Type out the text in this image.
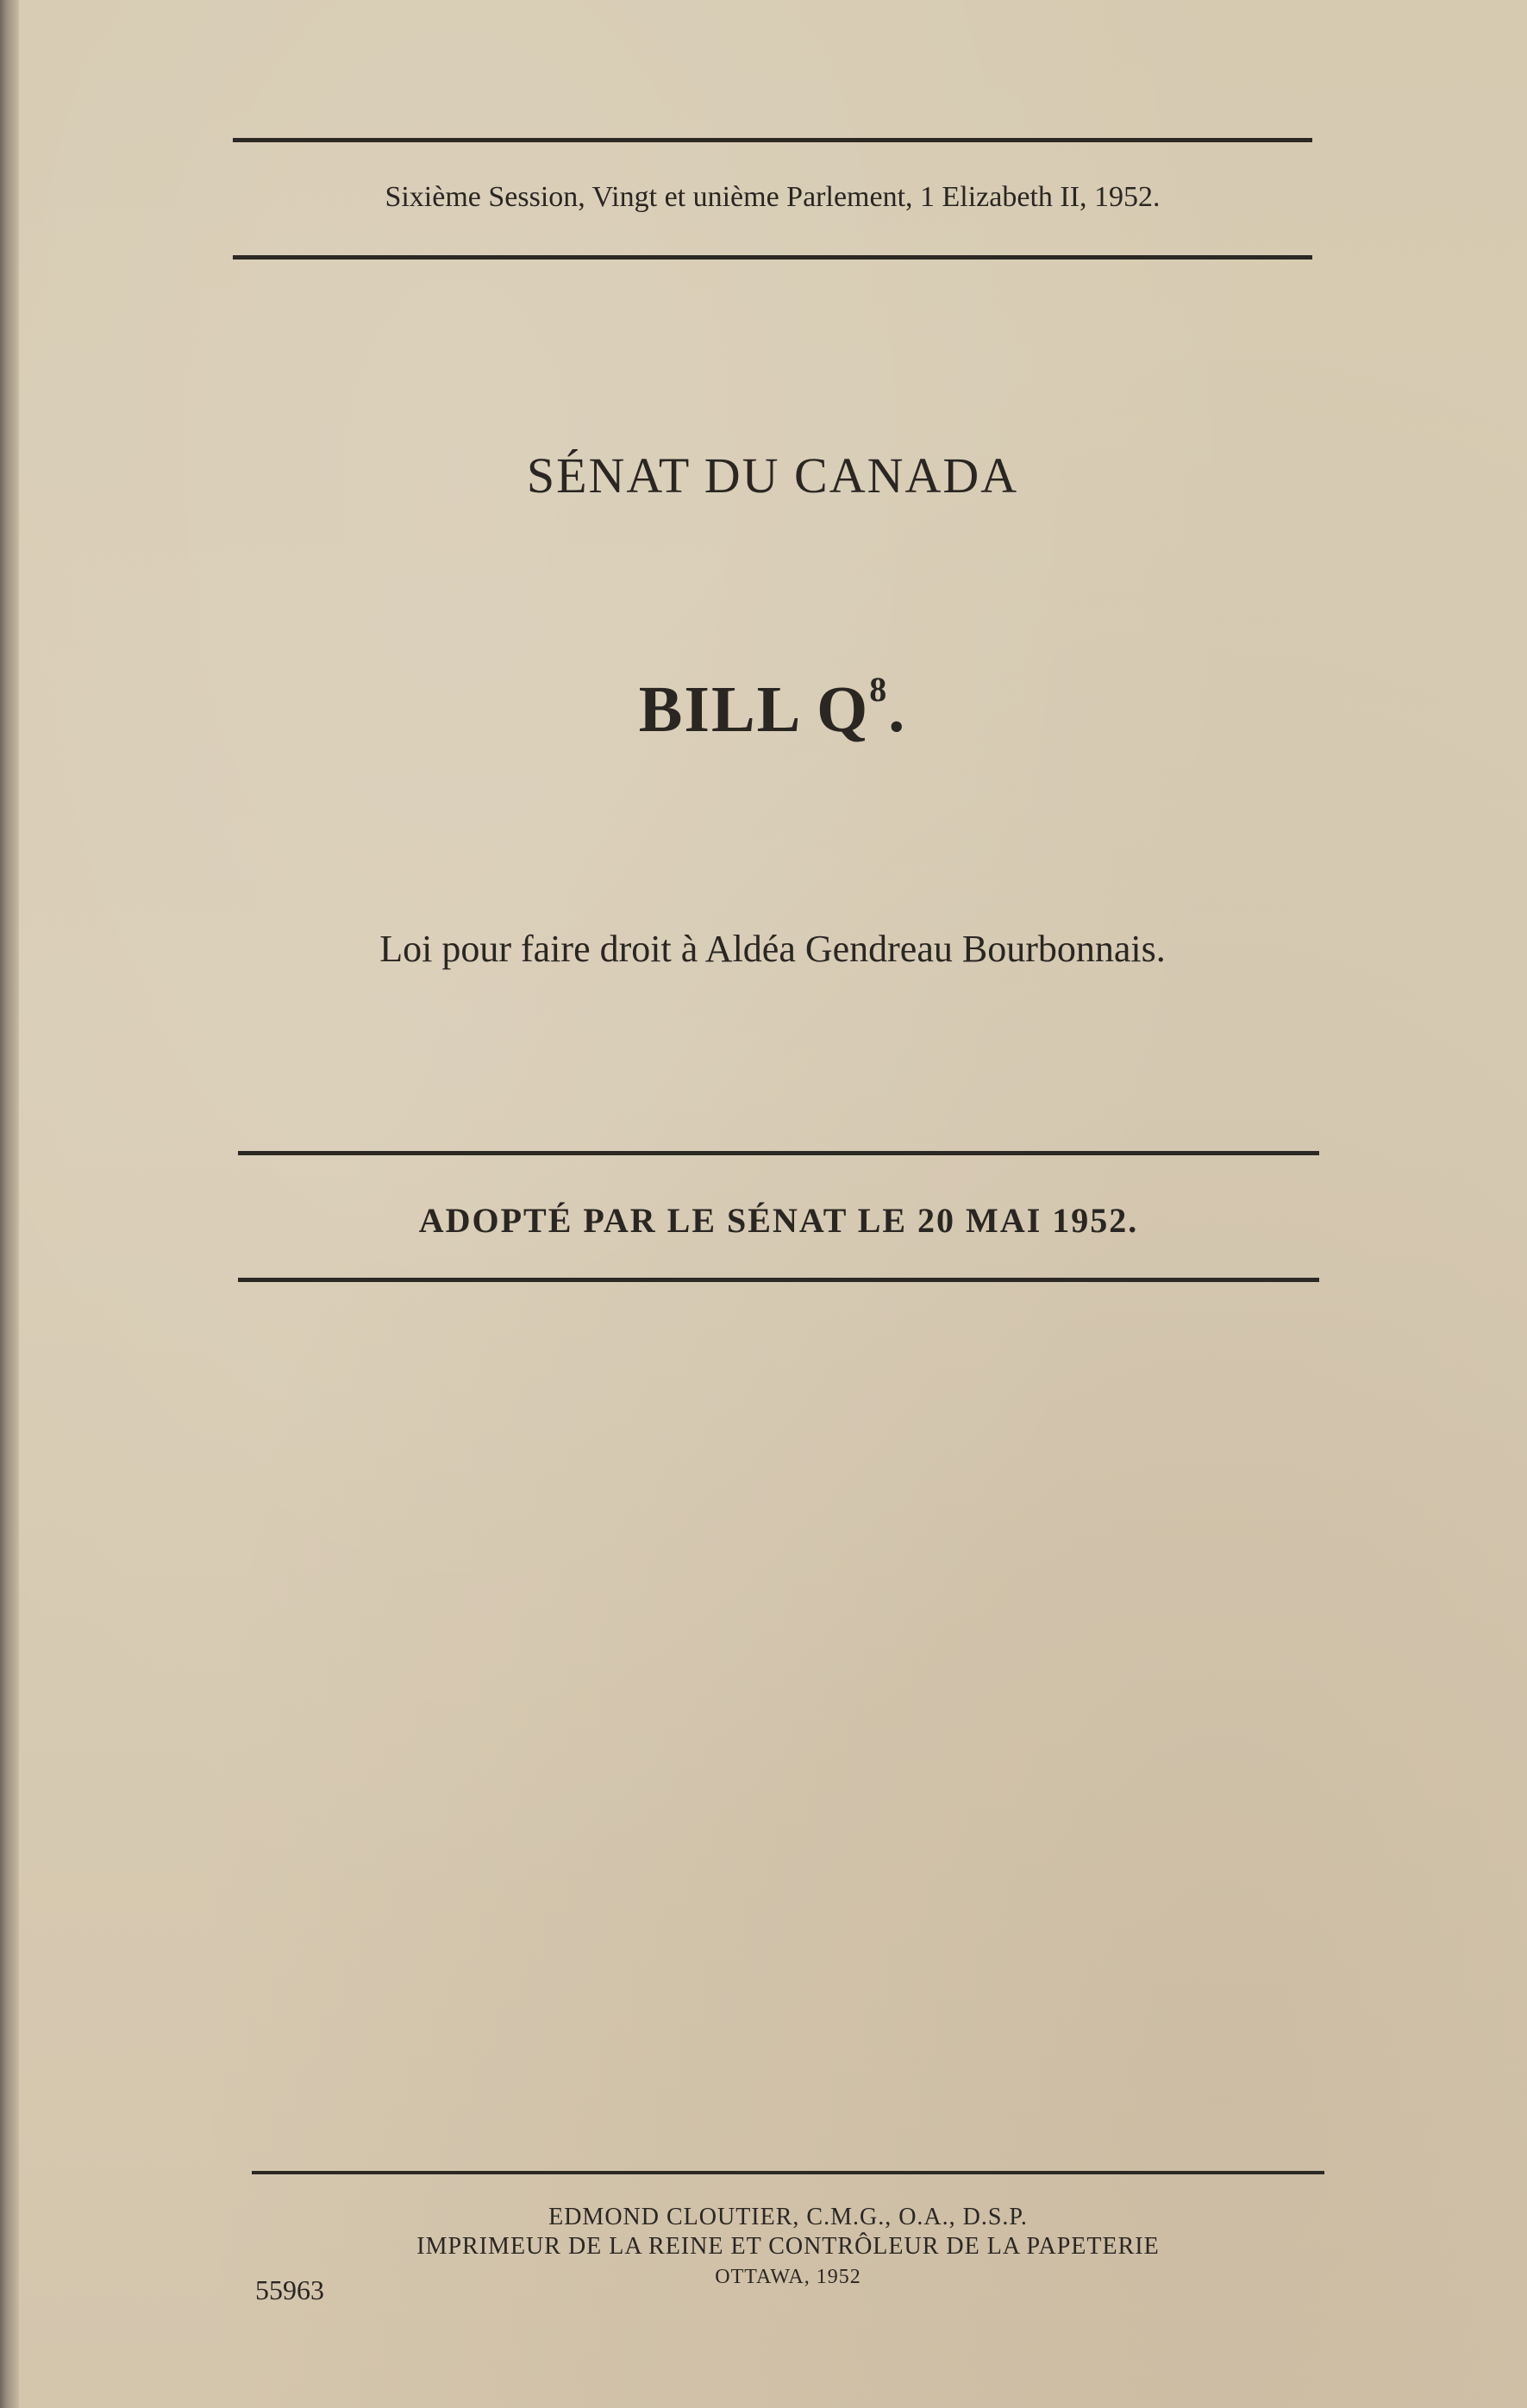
Sixième Session, Vingt et unième Parlement, 1 Elizabeth II, 1952.
SÉNAT DU CANADA
BILL $Q^8$.
Loi pour faire droit à Aldéa Gendreau Bourbonnais.
ADOPTÉ PAR LE SÉNAT LE 20 MAI 1952.
EDMOND CLOUTIER, C.M.G., O.A., D.S.P.
IMPRIMEUR DE LA REINE ET CONTRÔLEUR DE LA PAPETERIE
OTTAWA, 1952
55963
